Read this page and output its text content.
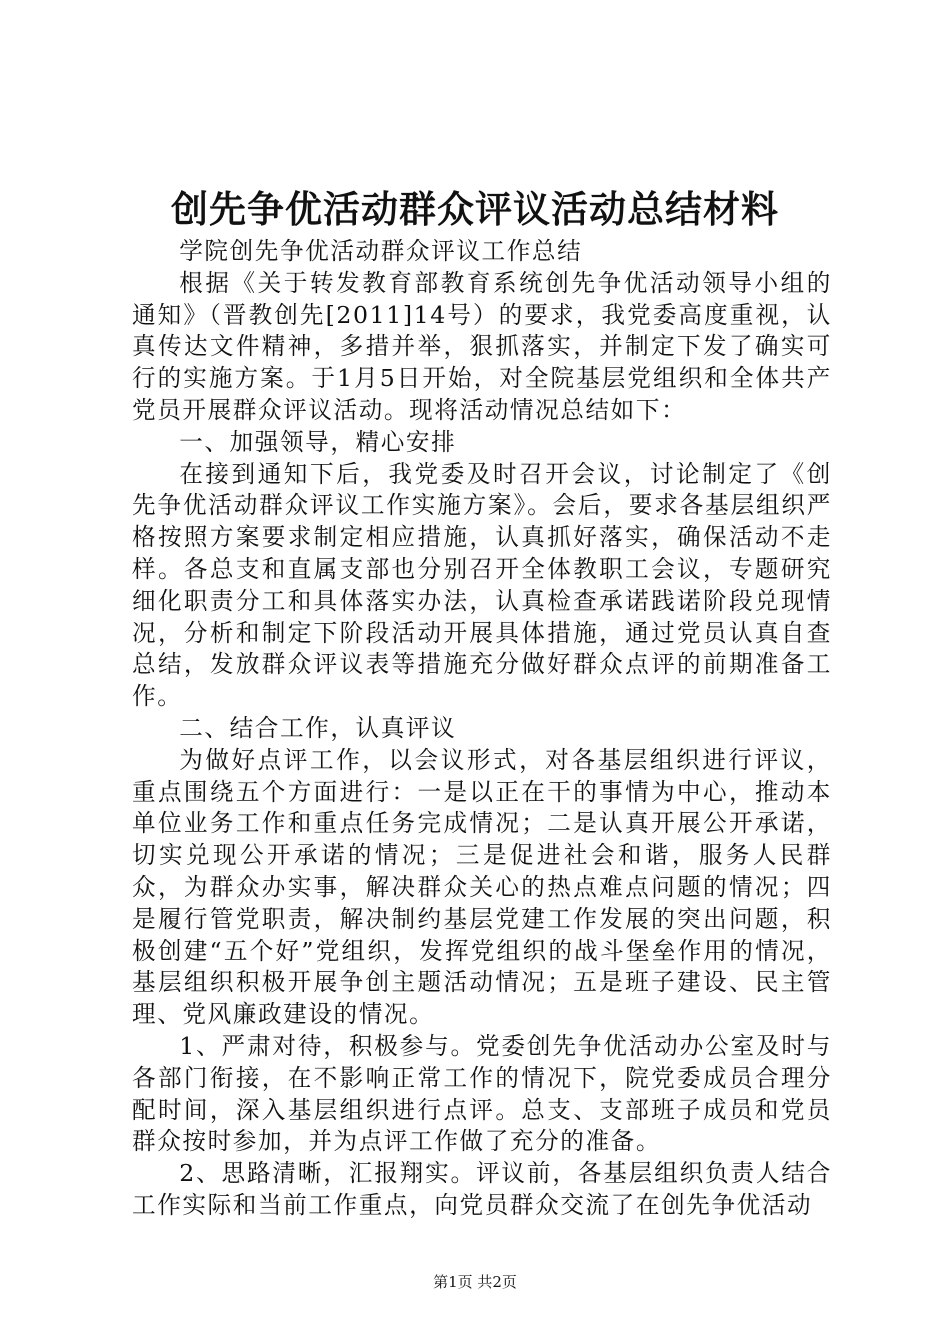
创先争优活动群众评议活动总结材料

学院创先争优活动群众评议工作总结

根据《关于转发教育部教育系统创先争优活动领导小组的通知》（晋教创先[2011]14号）的要求，我党委高度重视，认真传达文件精神，多措并举，狠抓落实，并制定下发了确实可行的实施方案。于1月5日开始，对全院基层党组织和全体共产党员开展群众评议活动。现将活动情况总结如下：

一、加强领导，精心安排

在接到通知下后，我党委及时召开会议，讨论制定了《创先争优活动群众评议工作实施方案》。会后，要求各基层组织严格按照方案要求制定相应措施，认真抓好落实，确保活动不走样。各总支和直属支部也分别召开全体教职工会议，专题研究细化职责分工和具体落实办法，认真检查承诺践诺阶段兑现情况，分析和制定下阶段活动开展具体措施，通过党员认真自查总结，发放群众评议表等措施充分做好群众点评的前期准备工作。

二、结合工作，认真评议

为做好点评工作，以会议形式，对各基层组织进行评议，重点围绕五个方面进行：一是以正在干的事情为中心，推动本单位业务工作和重点任务完成情况；二是认真开展公开承诺，切实兑现公开承诺的情况；三是促进社会和谐，服务人民群众，为群众办实事，解决群众关心的热点难点问题的情况；四是履行管党职责，解决制约基层党建工作发展的突出问题，积极创建“五个好”党组织，发挥党组织的战斗堡垒作用的情况，基层组织积极开展争创主题活动情况；五是班子建设、民主管理、党风廉政建设的情况。

1、严肃对待，积极参与。党委创先争优活动办公室及时与各部门衔接，在不影响正常工作的情况下，院党委成员合理分配时间，深入基层组织进行点评。总支、支部班子成员和党员群众按时参加，并为点评工作做了充分的准备。

2、思路清晰，汇报翔实。评议前，各基层组织负责人结合工作实际和当前工作重点，向党员群众交流了在创先争优活动

第1页 共2页
